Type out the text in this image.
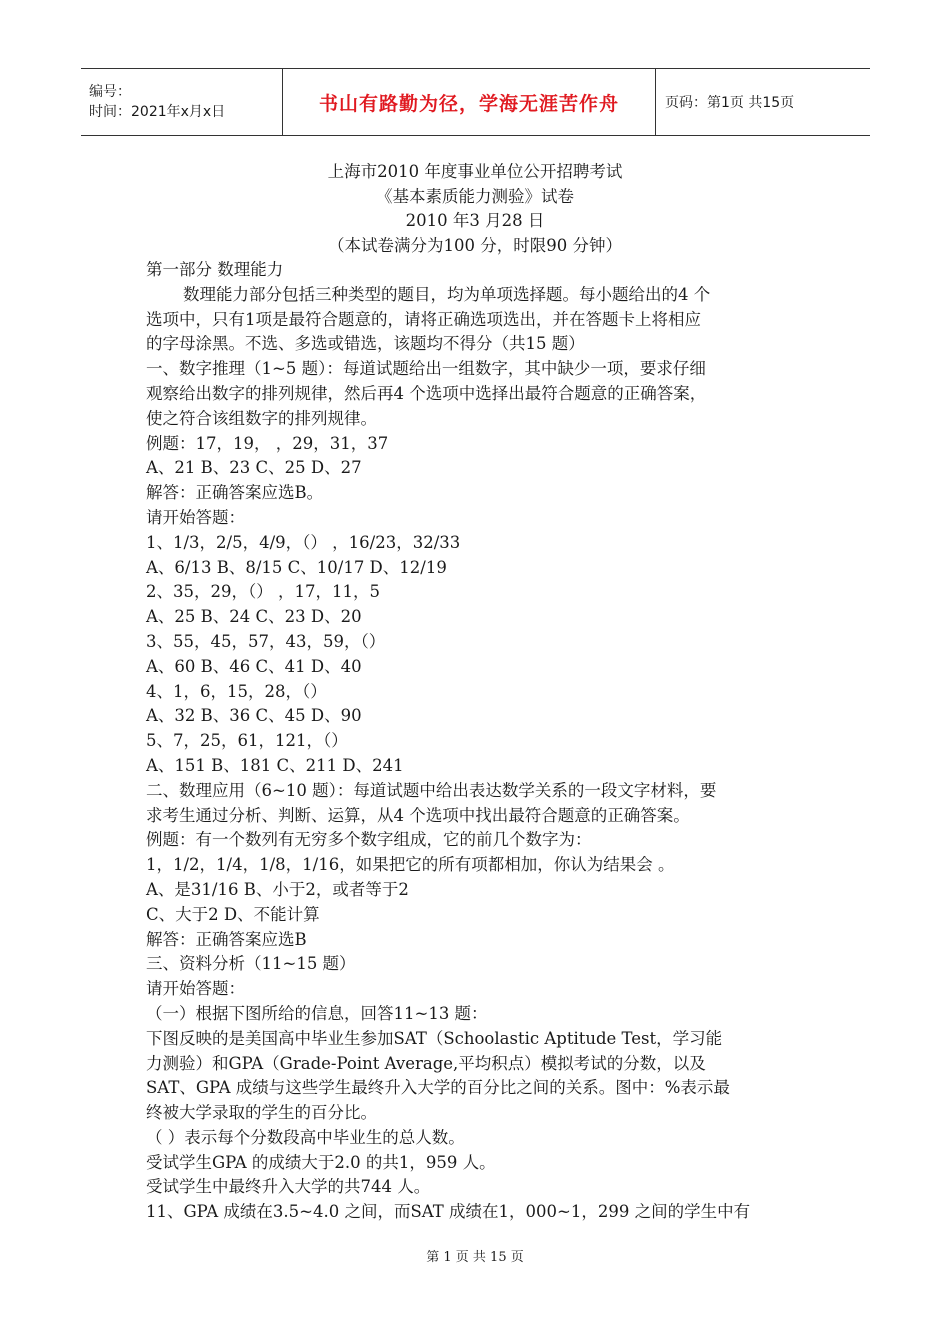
编号：
时间：2021年x月x日	书山有路勤为径，学海无涯苦作舟	页码：第1页 共15页
上海市2010 年度事业单位公开招聘考试
《基本素质能力测验》试卷
2010 年3 月28 日
（本试卷满分为100 分，时限90 分钟）

第一部分 数理能力

数理能力部分包括三种类型的题目，均为单项选择题。每小题给出的4 个

选项中，只有1项是最符合题意的，请将正确选项选出，并在答题卡上将相应

的字母涂黑。不选、多选或错选，该题均不得分（共15 题）

一、数字推理（1~5 题）：每道试题给出一组数字，其中缺少一项，要求仔细

观察给出数字的排列规律，然后再4 个选项中选择出最符合题意的正确答案，

使之符合该组数字的排列规律。

例题：17，19， ，29，31，37

A、21 B、23 C、25 D、27

解答：正确答案应选B。

请开始答题：

1、1/3，2/5，4/9，（） ，16/23，32/33

A、6/13 B、8/15 C、10/17 D、12/19

2、35，29，（） ，17，11，5

A、25 B、24 C、23 D、20

3、55，45，57，43，59，（）

A、60 B、46 C、41 D、40

4、1，6，15，28，（）

A、32 B、36 C、45 D、90

5、7，25，61，121，（）

A、151 B、181 C、211 D、241

二、数理应用（6~10 题）：每道试题中给出表达数学关系的一段文字材料，要

求考生通过分析、判断、运算，从4 个选项中找出最符合题意的正确答案。

例题：有一个数列有无穷多个数字组成，它的前几个数字为：

1，1/2，1/4，1/8，1/16，如果把它的所有项都相加，你认为结果会 。

A、是31/16 B、小于2，或者等于2

C、大于2 D、不能计算

解答：正确答案应选B

三、资料分析（11~15 题）

请开始答题：

（一）根据下图所给的信息，回答11~13 题：

下图反映的是美国高中毕业生参加SAT（Schoolastic Aptitude Test，学习能

力测验）和GPA（Grade-Point Average,平均积点）模拟考试的分数，以及

SAT、GPA 成绩与这些学生最终升入大学的百分比之间的关系。图中：%表示最

终被大学录取的学生的百分比。

（ ）表示每个分数段高中毕业生的总人数。

受试学生GPA 的成绩大于2.0 的共1，959 人。

受试学生中最终升入大学的共744 人。

11、GPA 成绩在3.5~4.0 之间，而SAT 成绩在1，000~1，299 之间的学生中有

第 1 页 共 15 页
